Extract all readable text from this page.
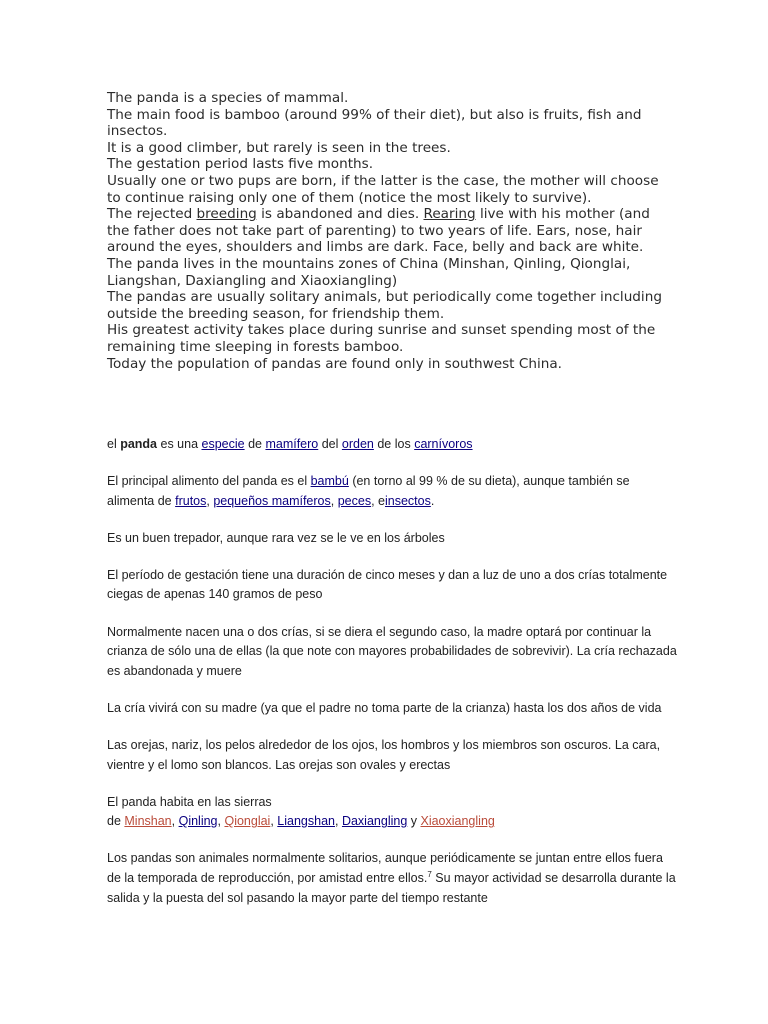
The panda is a species of mammal.

The main food is bamboo (around 99% of their diet), but also is fruits, fish and insectos.

It is a good climber, but rarely is seen in the trees.

The gestation period lasts five months.

Usually one or two pups are born, if the latter is the case, the mother will choose to continue raising only one of them (notice the most likely to survive).

The rejected breeding is abandoned and dies. Rearing live with his mother (and the father does not take part of parenting) to two years of life. Ears, nose, hair around the eyes, shoulders and limbs are dark. Face, belly and back are white.

The panda lives in the mountains zones of China (Minshan, Qinling, Qionglai, Liangshan, Daxiangling and Xiaoxiangling)

The pandas are usually solitary animals, but periodically come together including outside the breeding season, for friendship them.

His greatest activity takes place during sunrise and sunset spending most of the remaining time sleeping in forests bamboo.

Today the population of pandas are found only in southwest China.

el panda es una especie de mamífero del orden de los carnívoros

El principal alimento del panda es el bambú (en torno al 99 % de su dieta), aunque también se alimenta de frutos, pequeños mamíferos, peces, einsectos.

Es un buen trepador, aunque rara vez se le ve en los árboles

El período de gestación tiene una duración de cinco meses y dan a luz de uno a dos crías totalmente ciegas de apenas 140 gramos de peso

Normalmente nacen una o dos crías, si se diera el segundo caso, la madre optará por continuar la crianza de sólo una de ellas (la que note con mayores probabilidades de sobrevivir). La cría rechazada es abandonada y muere

La cría vivirá con su madre (ya que el padre no toma parte de la crianza) hasta los dos años de vida

Las orejas, nariz, los pelos alrededor de los ojos, los hombros y los miembros son oscuros. La cara, vientre y el lomo son blancos. Las orejas son ovales y erectas

El panda habita en las sierras
de Minshan, Qinling, Qionglai, Liangshan, Daxiangling y Xiaoxiangling

Los pandas son animales normalmente solitarios, aunque periódicamente se juntan entre ellos fuera de la temporada de reproducción, por amistad entre ellos.$^7$ Su mayor actividad se desarrolla durante la salida y la puesta del sol pasando la mayor parte del tiempo restante
